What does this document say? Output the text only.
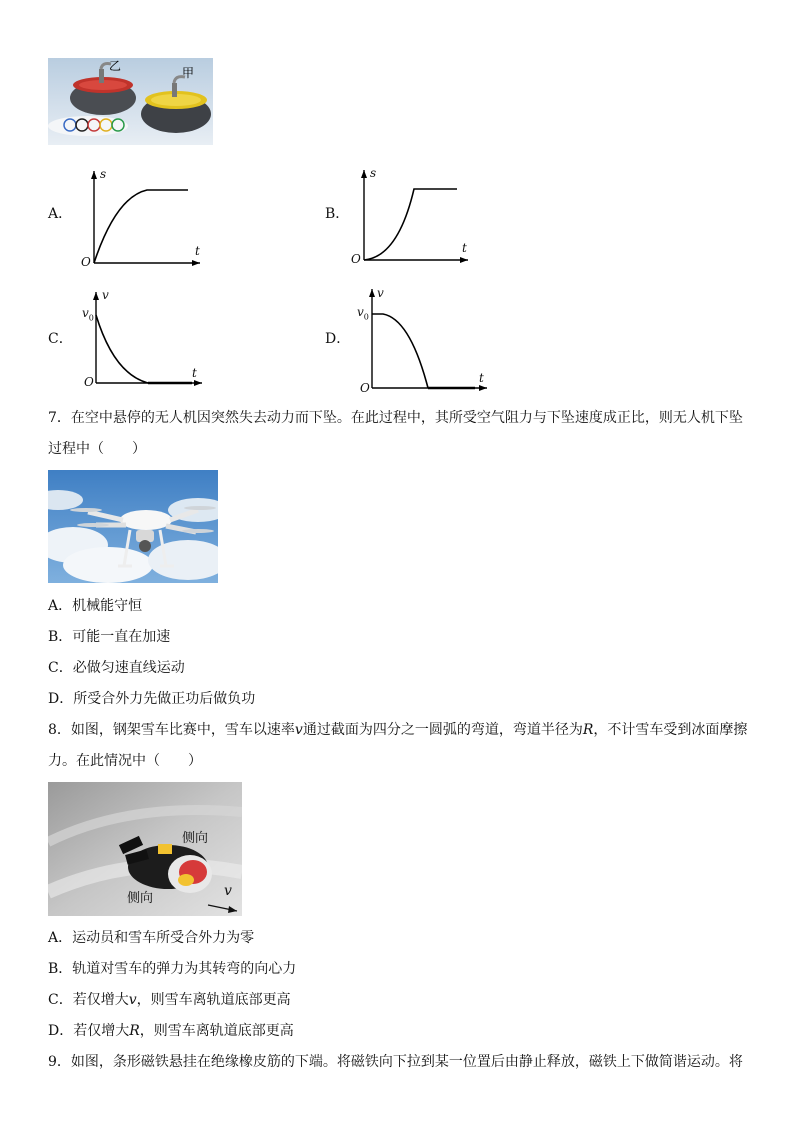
乙	甲
A．
s
t
O
B．
s
t
O
C．
v
t
O
$v_0$
D．
v
t
O
$v_0$
7．在空中悬停的无人机因突然失去动力而下坠。在此过程中，其所受空气阻力与下坠速度成正比，则无人机下坠
过程中（　　）
A．机械能守恒
B．可能一直在加速
C．必做匀速直线运动
D．所受合外力先做正功后做负功
8．如图，钢架雪车比赛中，雪车以速率v通过截面为四分之一圆弧的弯道，弯道半径为R，不计雪车受到冰面摩擦
力。在此情况中（　　）
侧向
侧向	v
A．运动员和雪车所受合外力为零
B．轨道对雪车的弹力为其转弯的向心力
C．若仅增大v，则雪车离轨道底部更高
D．若仅增大R，则雪车离轨道底部更高
9．如图，条形磁铁悬挂在绝缘橡皮筋的下端。将磁铁向下拉到某一位置后由静止释放，磁铁上下做简谐运动。将
